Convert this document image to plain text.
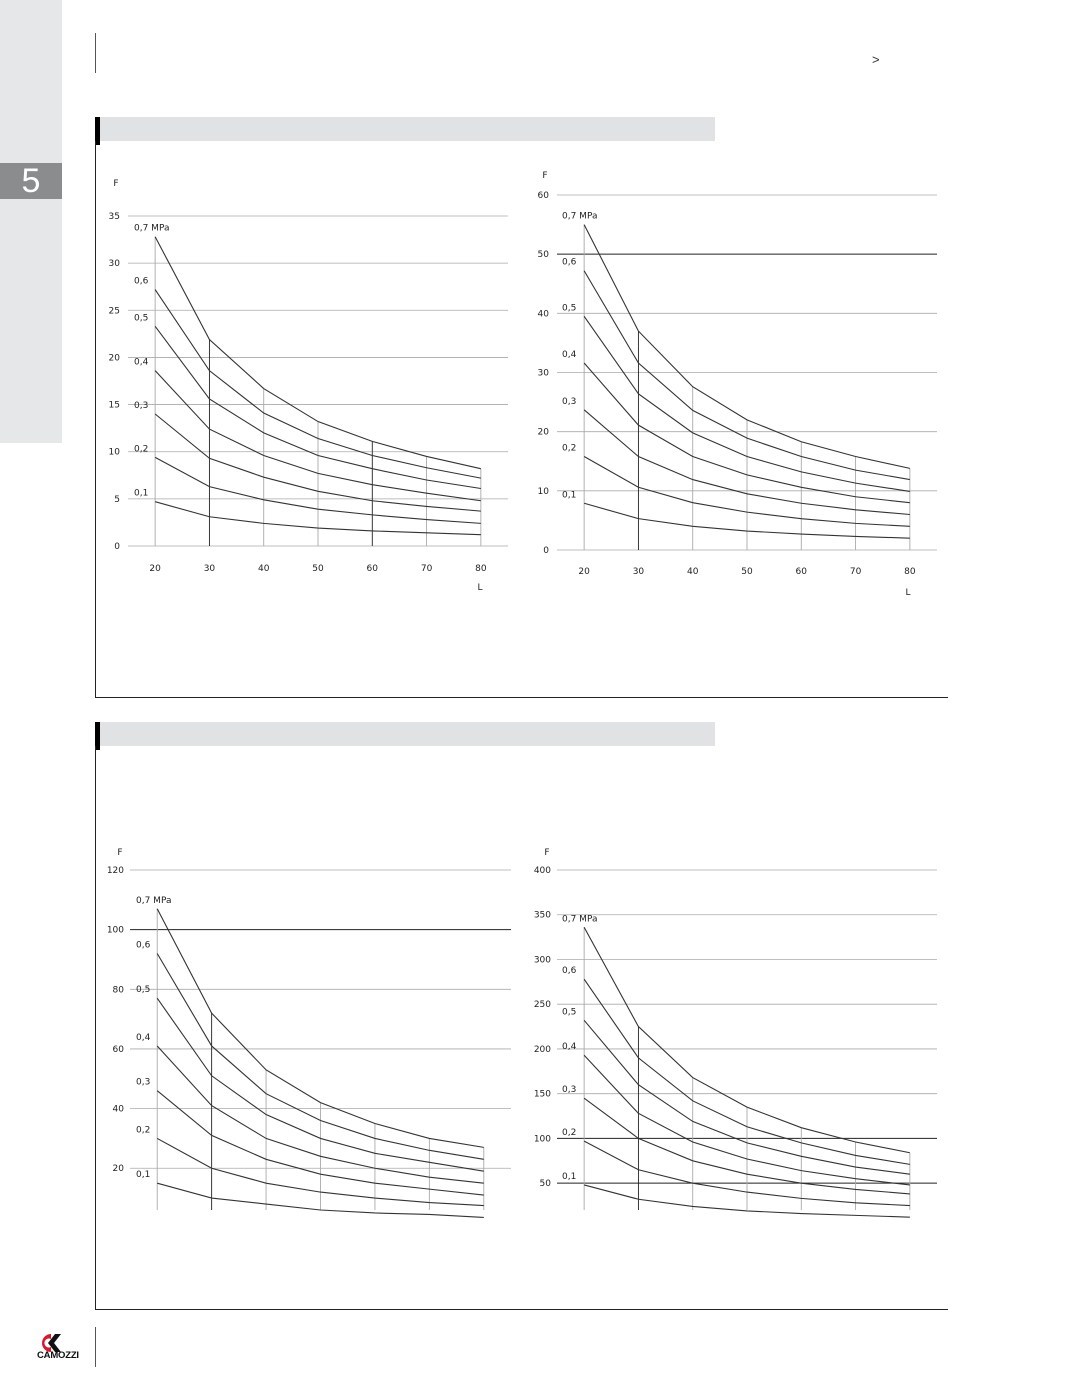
5
>
CAMOZZI
0
5
10
15
20
25
30
35
20	30	40	50	60	70	80
0,7 MPa
0,6
0,5
0,4
0,3
0,2
0,1
F
L
0
10
20
30
40
50
60
20	30	40	50	60	70	80
0,7 MPa
0,6
0,5
0,4
0,3
0,2
0,1
F
L
20
40
60
80
100
120
0,7 MPa
0,6
0,5
0,4
0,3
0,2
0,1
F
50
100
150
200
250
300
350
400
0,7 MPa
0,6
0,5
0,4
0,3
0,2
0,1
F
